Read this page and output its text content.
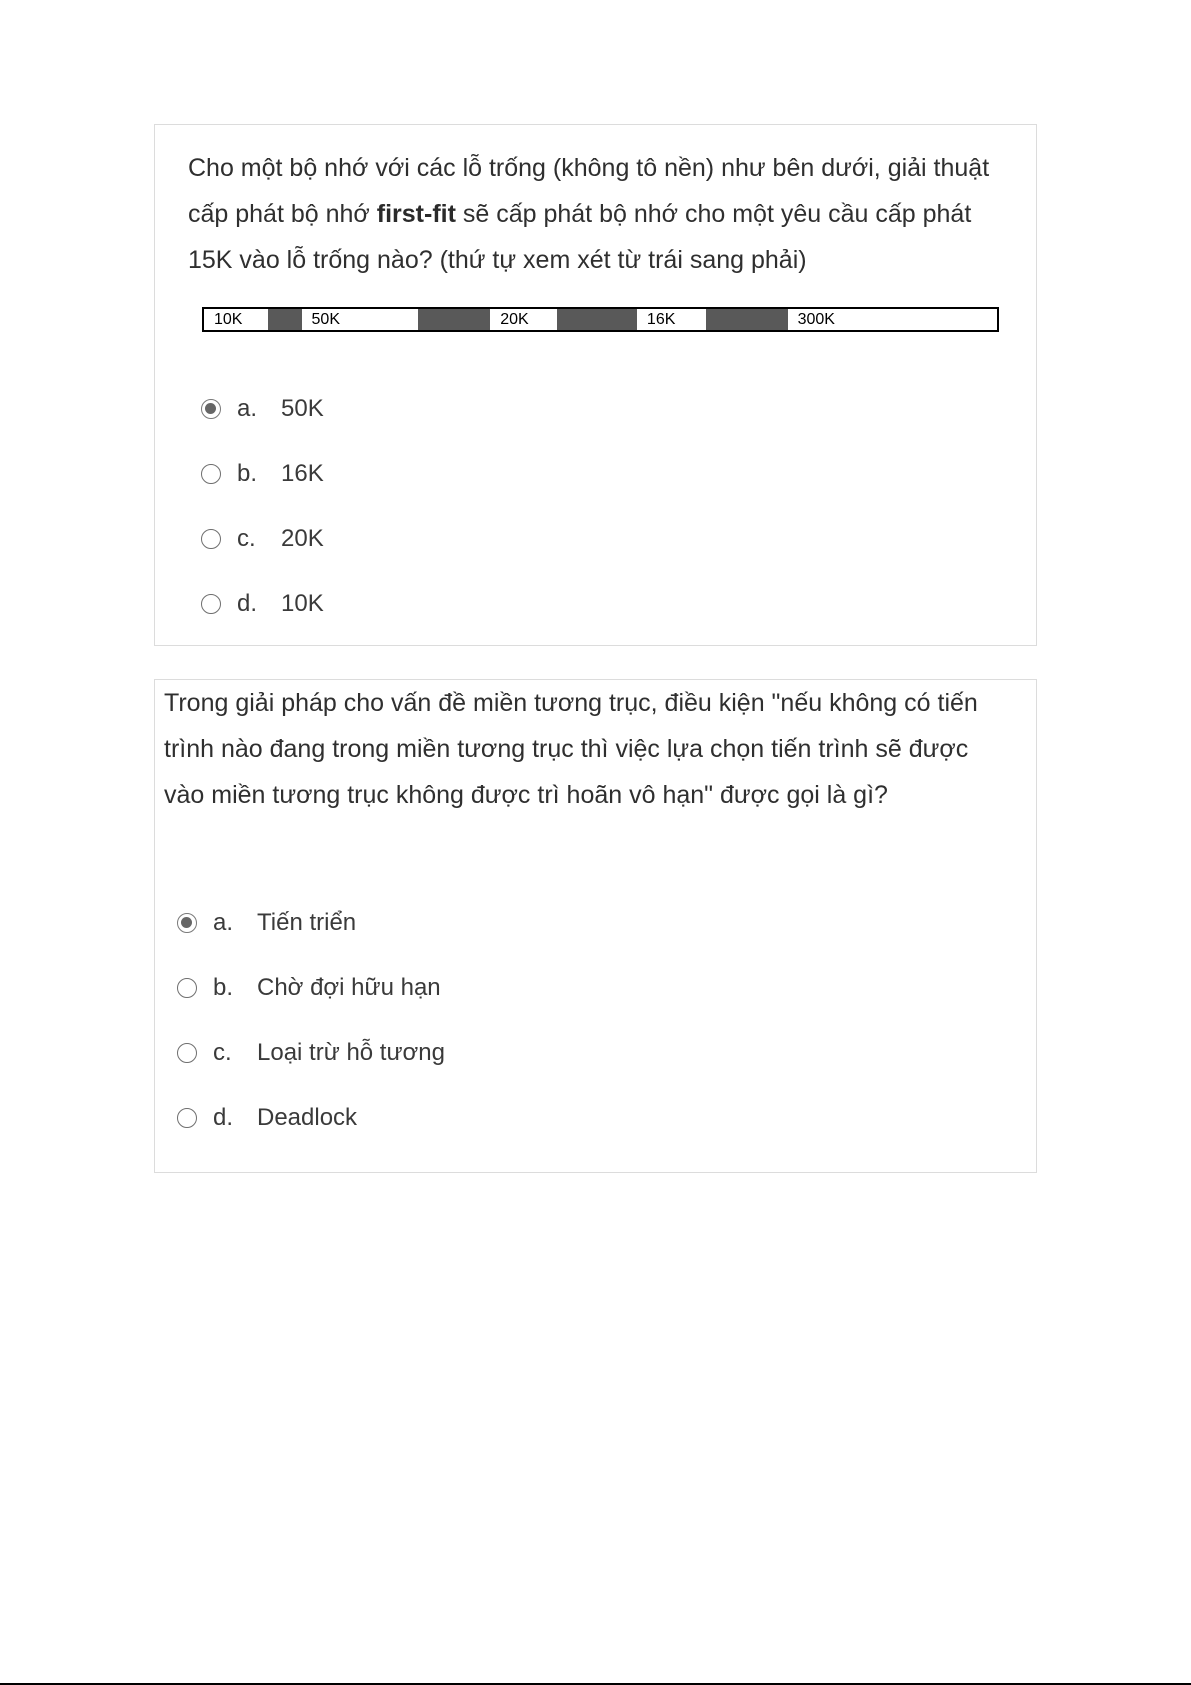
Cho một bộ nhớ với các lỗ trống (không tô nền) như bên dưới, giải thuật cấp phát bộ nhớ first-fit sẽ cấp phát bộ nhớ cho một yêu cầu cấp phát 15K vào lỗ trống nào? (thứ tự xem xét từ trái sang phải)

10K	50K	20K	16K	300K
a. 50K
b. 16K
c.	20K
d. 10K

Trong giải pháp cho vấn đề miền tương trục, điều kiện "nếu không có tiến trình nào đang trong miền tương trục thì việc lựa chọn tiến trình sẽ được vào miền tương trục không được trì hoãn vô hạn" được gọi là gì?

a. Tiến triển
b. Chờ đợi hữu hạn
c.	Loại trừ hỗ tương
d. Deadlock
